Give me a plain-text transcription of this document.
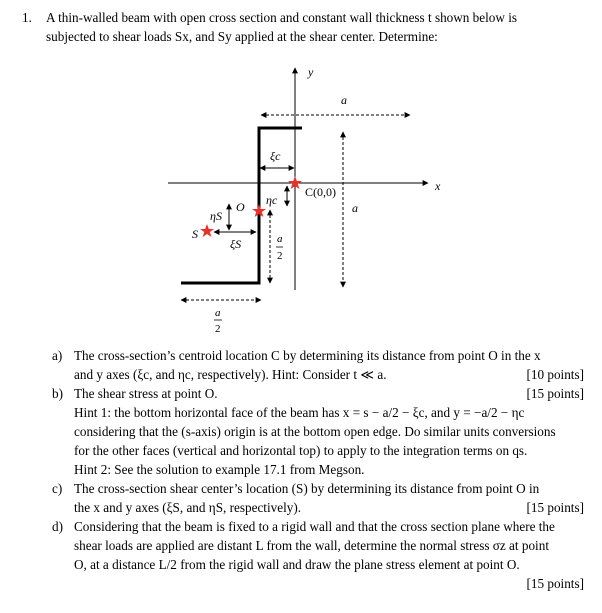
1. A thin-walled beam with open cross section and constant wall thickness t shown below is
subjected to shear loads Sx, and Sy applied at the shear center. Determine:
y
x
a
a
a
2
a
2
ξc
ηc
C(0,0)
O
S
ηS
ξS
a) The cross-section’s centroid location C by determining its distance from point O in the x
and y axes (ξc, and ηc, respectively). Hint: Consider t ≪ a.	[10 points]
b) The shear stress at point O.	[15 points]
Hint 1: the bottom horizontal face of the beam has x = s − a/2 − ξc, and y = −a/2 − ηc
considering that the (s-axis) origin is at the bottom open edge. Do similar units conversions
for the other faces (vertical and horizontal top) to apply to the integration terms on qs.
Hint 2: See the solution to example 17.1 from Megson.
c) The cross-section shear center’s location (S) by determining its distance from point O in
the x and y axes (ξS, and ηS, respectively).	[15 points]
d) Considering that the beam is fixed to a rigid wall and that the cross section plane where the
shear loads are applied are distant L from the wall, determine the normal stress σz at point
O, at a distance L/2 from the rigid wall and draw the plane stress element at point O.
[15 points]
